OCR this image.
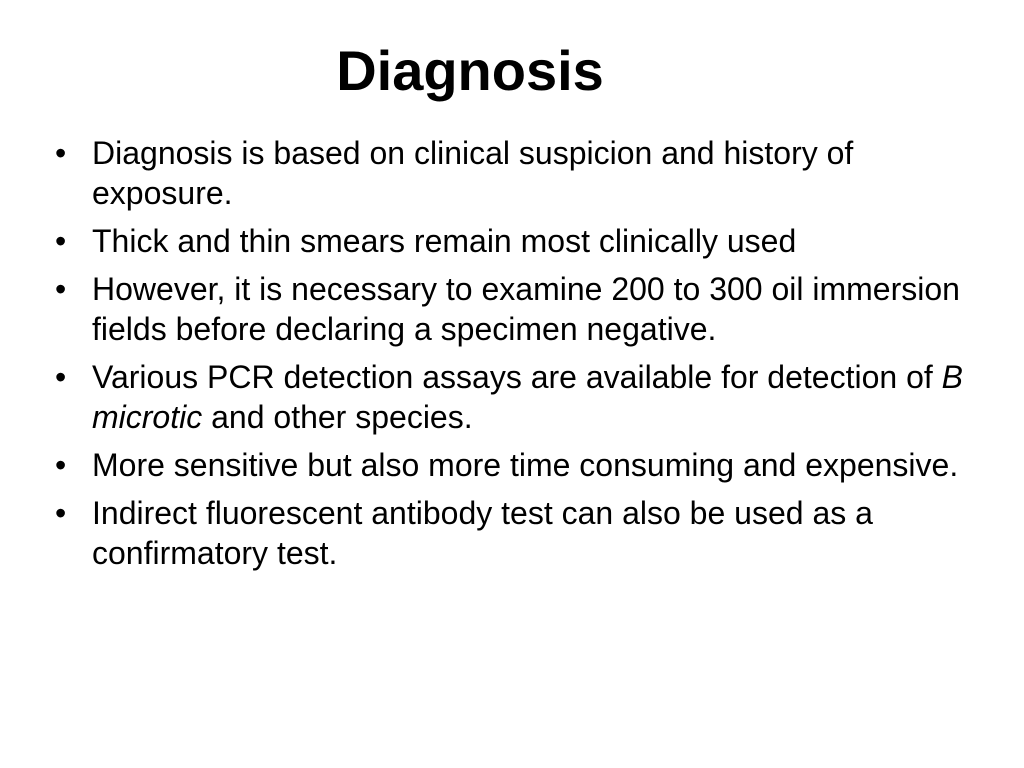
Diagnosis
• Diagnosis is based on clinical suspicion and history of exposure.
• Thick and thin smears remain most clinically used
• However, it is necessary to examine 200 to 300 oil immersion fields before declaring a specimen negative.
• Various PCR detection assays are available for detection of B microtic and other species.
• More sensitive but also more time consuming and expensive.
• Indirect fluorescent antibody test can also be used as a confirmatory test.
